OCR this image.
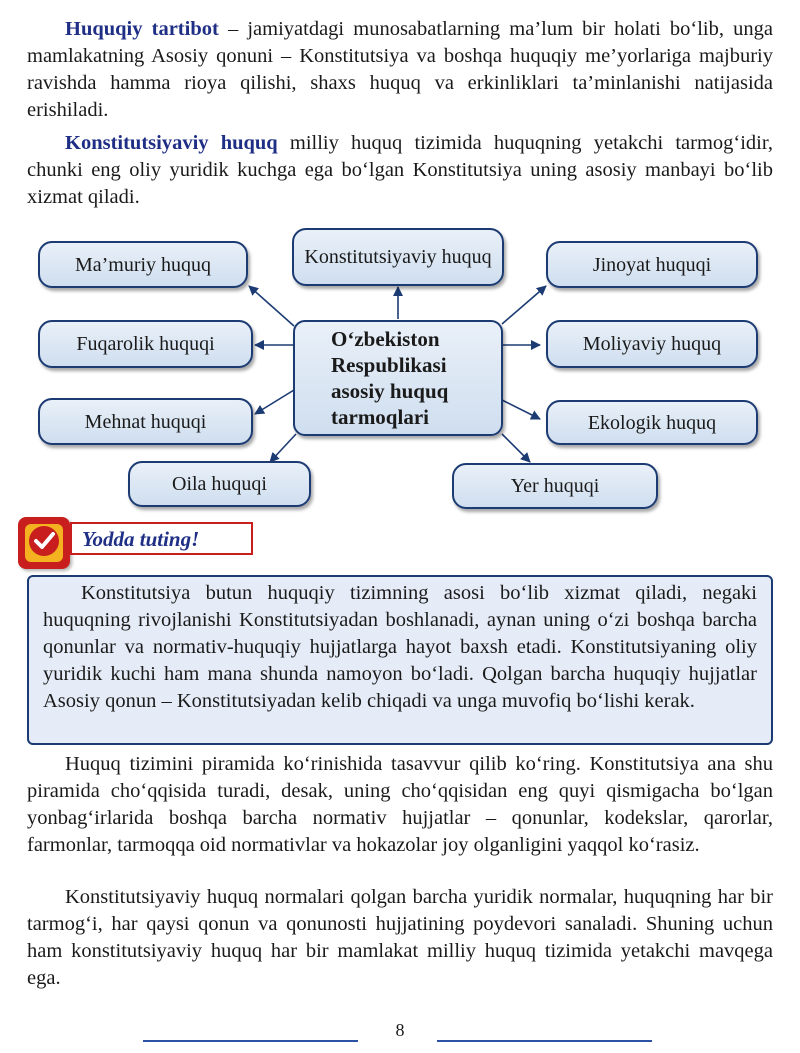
Huquqiy tartibot – jamiyatdagi munosabatlarning ma’lum bir holati bo‘lib, unga mamlakatning Asosiy qonuni – Konstitutsiya va boshqa huquqiy me’yorlariga majburiy ravishda hamma rioya qilishi, shaxs huquq va erkinliklari ta’minlanishi natijasida erishiladi.

Konstitutsiyaviy huquq milliy huquq tizimida huquqning yetakchi tarmog‘idir, chunki eng oliy yuridik kuchga ega bo‘lgan Konstitutsiya uning asosiy manbayi bo‘lib xizmat qiladi.

Ma’muriy huquq	Konstitutsiyaviy huquq	Jinoyat huquqi
Fuqarolik huquqi	O‘zbekiston Respublikasi asosiy huquq tarmoqlari
Moliyaviy huquq
Mehnat huquqi	Ekologik huquq
Oila huquqi	Yer huquqi
Yodda tuting!

Konstitutsiya butun huquqiy tizimning asosi bo‘lib xizmat qiladi, negaki huquqning rivojlanishi Konstitutsiyadan boshlanadi, aynan uning o‘zi boshqa barcha qonunlar va normativ-huquqiy hujjatlarga hayot baxsh etadi. Konstitutsiyaning oliy yuridik kuchi ham mana shunda namoyon bo‘ladi. Qolgan barcha huquqiy hujjatlar Asosiy qonun – Konstitutsiyadan kelib chiqadi va unga muvofiq bo‘lishi kerak.

Huquq tizimini piramida ko‘rinishida tasavvur qilib ko‘ring. Konstitutsiya ana shu piramida cho‘qqisida turadi, desak, uning cho‘qqisidan eng quyi qismigacha bo‘lgan yonbag‘irlarida boshqa barcha normativ hujjatlar – qonunlar, kodekslar, qarorlar, farmonlar, tarmoqqa oid normativlar va hokazolar joy olganligini yaqqol ko‘rasiz.

Konstitutsiyaviy huquq normalari qolgan barcha yuridik normalar, huquqning har bir tarmog‘i, har qaysi qonun va qonunosti hujjatining poydevori sanaladi. Shuning uchun ham konstitutsiyaviy huquq har bir mamlakat milliy huquq tizimida yetakchi mavqega ega.

8
